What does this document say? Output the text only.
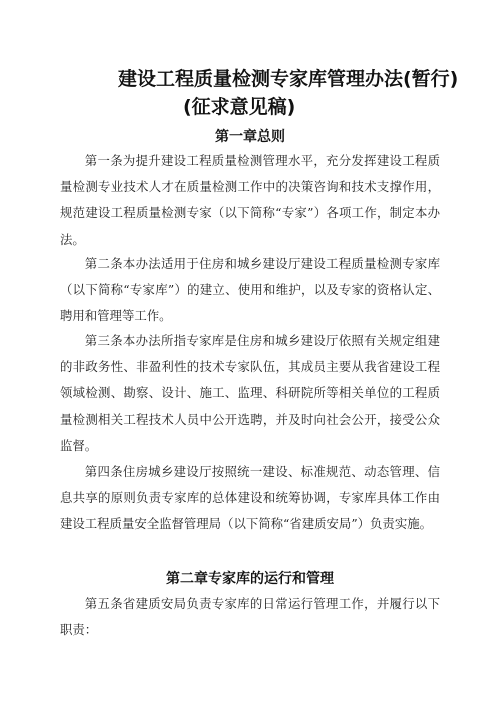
建设工程质量检测专家库管理办法(暂行)
(征求意见稿)
第一章总则

第一条为提升建设工程质量检测管理水平，充分发挥建设工程质量检测专业技术人才在质量检测工作中的决策咨询和技术支撑作用，规范建设工程质量检测专家（以下简称“专家”）各项工作，制定本办法。

第二条本办法适用于住房和城乡建设厅建设工程质量检测专家库（以下简称“专家库”）的建立、使用和维护，以及专家的资格认定、聘用和管理等工作。

第三条本办法所指专家库是住房和城乡建设厅依照有关规定组建的非政务性、非盈利性的技术专家队伍，其成员主要从我省建设工程领域检测、勘察、设计、施工、监理、科研院所等相关单位的工程质量检测相关工程技术人员中公开选聘，并及时向社会公开，接受公众监督。

第四条住房城乡建设厅按照统一建设、标准规范、动态管理、信息共享的原则负责专家库的总体建设和统筹协调，专家库具体工作由建设工程质量安全监督管理局（以下简称“省建质安局”）负责实施。

第二章专家库的运行和管理

第五条省建质安局负责专家库的日常运行管理工作，并履行以下职责：
